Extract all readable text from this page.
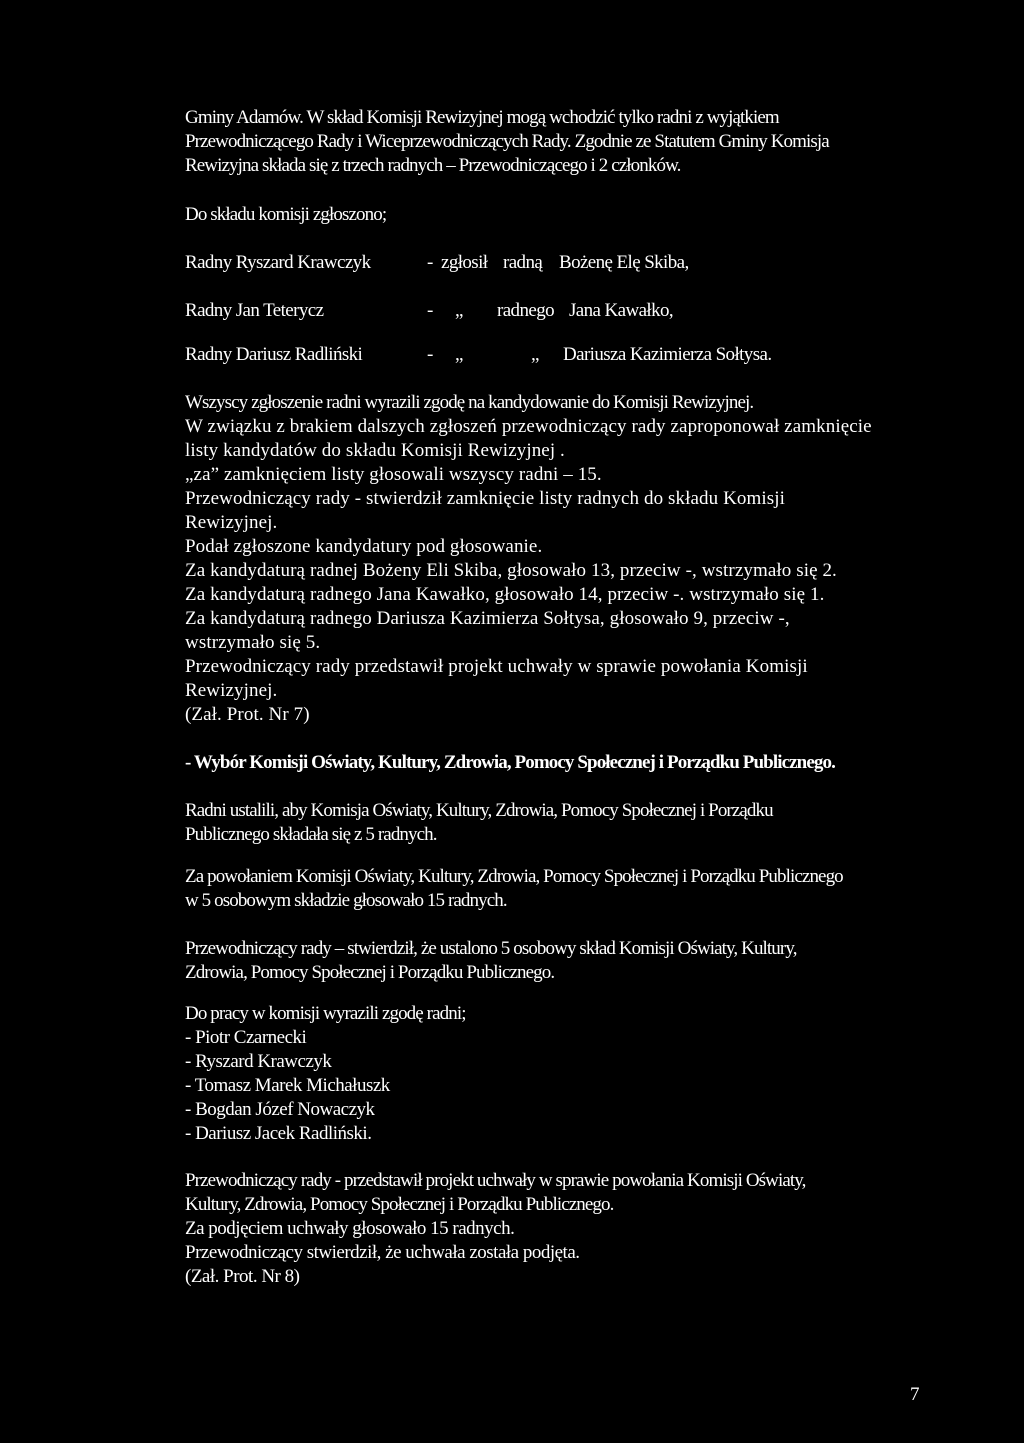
Gminy Adamów. W skład Komisji Rewizyjnej mogą wchodzić tylko radni z wyjątkiem
Przewodniczącego Rady i Wiceprzewodniczących Rady. Zgodnie ze Statutem Gminy Komisja
Rewizyjna składa się z trzech radnych – Przewodniczącego i 2 członków.
Do składu komisji zgłoszono;
Radny Ryszard Krawczyk	- zgłosił radną Bożenę Elę Skiba,
Radny Jan Teterycz	- „ radnego Jana Kawałko,
Radny Dariusz Radliński	- „	„ Dariusza Kazimierza Sołtysa.
Wszyscy zgłoszenie radni wyrazili zgodę na kandydowanie do Komisji Rewizyjnej.
W związku z brakiem dalszych zgłoszeń przewodniczący rady zaproponował zamknięcie
listy kandydatów do składu Komisji Rewizyjnej .
„za” zamknięciem listy głosowali wszyscy radni – 15.
Przewodniczący rady - stwierdził zamknięcie listy radnych do składu Komisji
Rewizyjnej.
Podał zgłoszone kandydatury pod głosowanie.
Za kandydaturą radnej Bożeny Eli Skiba, głosowało 13, przeciw -, wstrzymało się 2.
Za kandydaturą radnego Jana Kawałko, głosowało 14, przeciw -. wstrzymało się 1.
Za kandydaturą radnego Dariusza Kazimierza Sołtysa, głosowało 9, przeciw -,
wstrzymało się 5.
Przewodniczący rady przedstawił projekt uchwały w sprawie powołania Komisji
Rewizyjnej.
(Zał. Prot. Nr 7)
- Wybór Komisji Oświaty, Kultury, Zdrowia, Pomocy Społecznej i Porządku Publicznego.
Radni ustalili, aby Komisja Oświaty, Kultury, Zdrowia, Pomocy Społecznej i Porządku
Publicznego składała się z 5 radnych.
Za powołaniem Komisji Oświaty, Kultury, Zdrowia, Pomocy Społecznej i Porządku Publicznego
w 5 osobowym składzie głosowało 15 radnych.
Przewodniczący rady – stwierdził, że ustalono 5 osobowy skład Komisji Oświaty, Kultury,
Zdrowia, Pomocy Społecznej i Porządku Publicznego.
Do pracy w komisji wyrazili zgodę radni;
- Piotr Czarnecki
- Ryszard Krawczyk
- Tomasz Marek Michałuszk
- Bogdan Józef Nowaczyk
- Dariusz Jacek Radliński.
Przewodniczący rady - przedstawił projekt uchwały w sprawie powołania Komisji Oświaty,
Kultury, Zdrowia, Pomocy Społecznej i Porządku Publicznego.
Za podjęciem uchwały głosowało 15 radnych.
Przewodniczący stwierdził, że uchwała została podjęta.
(Zał. Prot. Nr 8)
7
